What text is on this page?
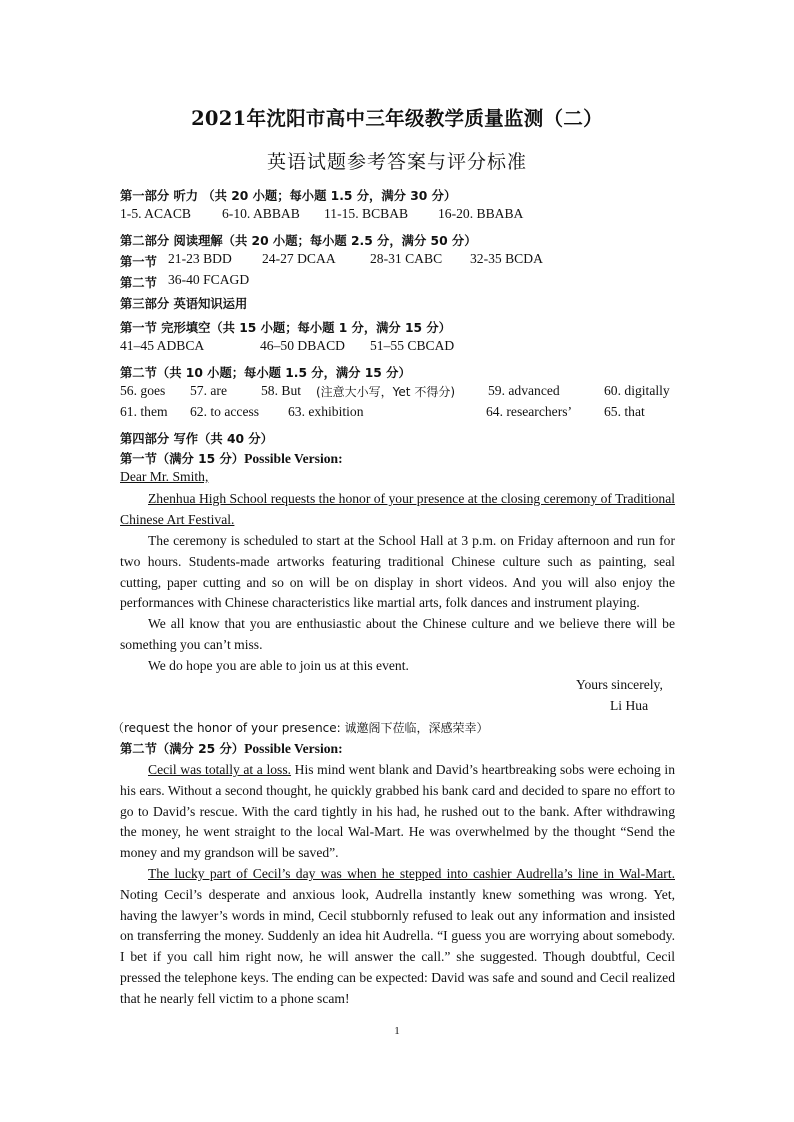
2021年沈阳市高中三年级教学质量监测（二）
英语试题参考答案与评分标准
第一部分 听力 （共 20 小题；每小题 1.5 分，满分 30 分）
1-5. ACACB 6-10. ABBAB 11-15. BCBAB 16-20. BBABA
第二部分 阅读理解（共 20 小题；每小题 2.5 分，满分 50 分）
第一节 21-23 BDD 24-27 DCAA	28-31 CABC 32-35 BCDA
第二节 36-40 FCAGD
第三部分 英语知识运用
第一节 完形填空（共 15 小题；每小题 1 分，满分 15 分）
41–45 ADBCA	46–50 DBACD 51–55 CBCAD
第二节（共 10 小题；每小题 1.5 分，满分 15 分）
56. goes 57. are	58. But (注意大小写，Yet 不得分) 59. advanced	60. digitally
61. them 62. to access 63. exhibition	64. researchers’ 65. that
第四部分 写作（共 40 分）
第一节（满分 15 分）Possible Version:
Dear Mr. Smith,
Zhenhua High School requests the honor of your presence at the closing ceremony of Traditional Chinese Art Festival.
The ceremony is scheduled to start at the School Hall at 3 p.m. on Friday afternoon and run for two hours. Students-made artworks featuring traditional Chinese culture such as painting, seal cutting, paper cutting and so on will be on display in short videos. And you will also enjoy the performances with Chinese characteristics like martial arts, folk dances and instrument playing.
We all know that you are enthusiastic about the Chinese culture and we believe there will be something you can’t miss.
We do hope you are able to join us at this event.
Yours sincerely,
Li Hua
（request the honor of your presence: 诚邀阁下莅临，深感荣幸）
第二节（满分 25 分）Possible Version:
Cecil was totally at a loss. His mind went blank and David’s heartbreaking sobs were echoing in his ears. Without a second thought, he quickly grabbed his bank card and decided to spare no effort to go to David’s rescue. With the card tightly in his had, he rushed out to the bank. After withdrawing the money, he went straight to the local Wal-Mart. He was overwhelmed by the thought “Send the money and my grandson will be saved”.
The lucky part of Cecil’s day was when he stepped into cashier Audrella’s line in Wal-Mart. Noting Cecil’s desperate and anxious look, Audrella instantly knew something was wrong. Yet, having the lawyer’s words in mind, Cecil stubbornly refused to leak out any information and insisted on transferring the money. Suddenly an idea hit Audrella. “I guess you are worrying about somebody. I bet if you call him right now, he will answer the call.” she suggested. Though doubtful, Cecil pressed the telephone keys. The ending can be expected: David was safe and sound and Cecil realized that he nearly fell victim to a phone scam!
1
